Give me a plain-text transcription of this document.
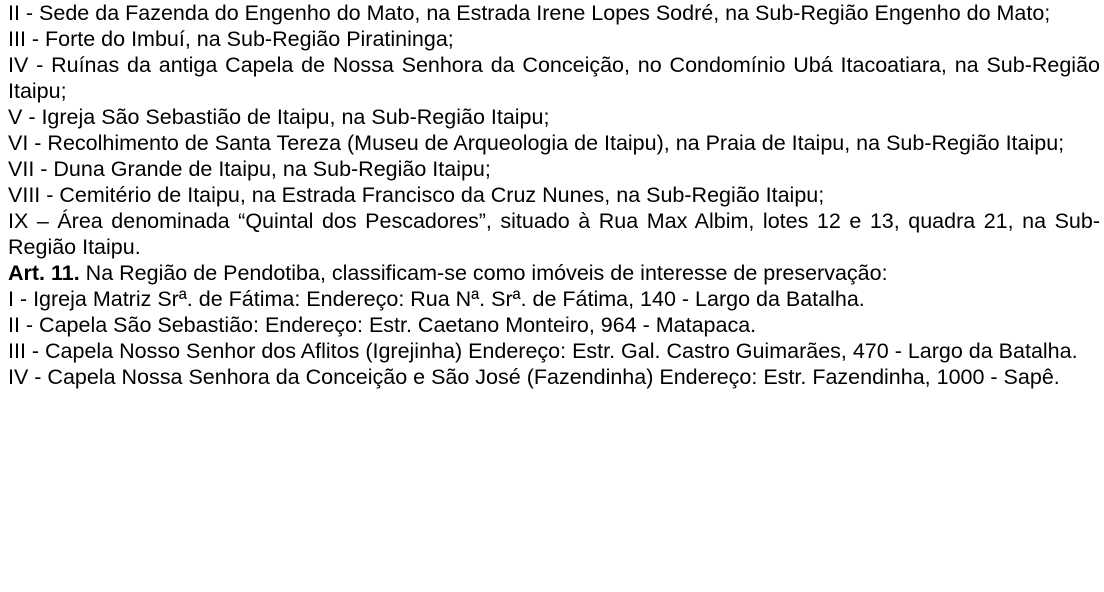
II - Sede da Fazenda do Engenho do Mato, na Estrada Irene Lopes Sodré, na Sub-Região Engenho do Mato;

III - Forte do Imbuí, na Sub-Região Piratininga;

IV - Ruínas da antiga Capela de Nossa Senhora da Conceição, no Condomínio Ubá Itacoatiara, na Sub-Região Itaipu;

V - Igreja São Sebastião de Itaipu, na Sub-Região Itaipu;

VI - Recolhimento de Santa Tereza (Museu de Arqueologia de Itaipu), na Praia de Itaipu, na Sub-Região Itaipu;

VII - Duna Grande de Itaipu, na Sub-Região Itaipu;

VIII - Cemitério de Itaipu, na Estrada Francisco da Cruz Nunes, na Sub-Região Itaipu;

IX – Área denominada “Quintal dos Pescadores”, situado à Rua Max Albim, lotes 12 e 13, quadra 21, na Sub-Região Itaipu.

Art. 11. Na Região de Pendotiba, classificam-se como imóveis de interesse de preservação:

I - Igreja Matriz Srª. de Fátima: Endereço: Rua Nª. Srª. de Fátima, 140 - Largo da Batalha.

II - Capela São Sebastião: Endereço: Estr. Caetano Monteiro, 964 - Matapaca.

III - Capela Nosso Senhor dos Aflitos (Igrejinha) Endereço: Estr. Gal. Castro Guimarães, 470 - Largo da Batalha.

IV - Capela Nossa Senhora da Conceição e São José (Fazendinha) Endereço: Estr. Fazendinha, 1000 - Sapê.
